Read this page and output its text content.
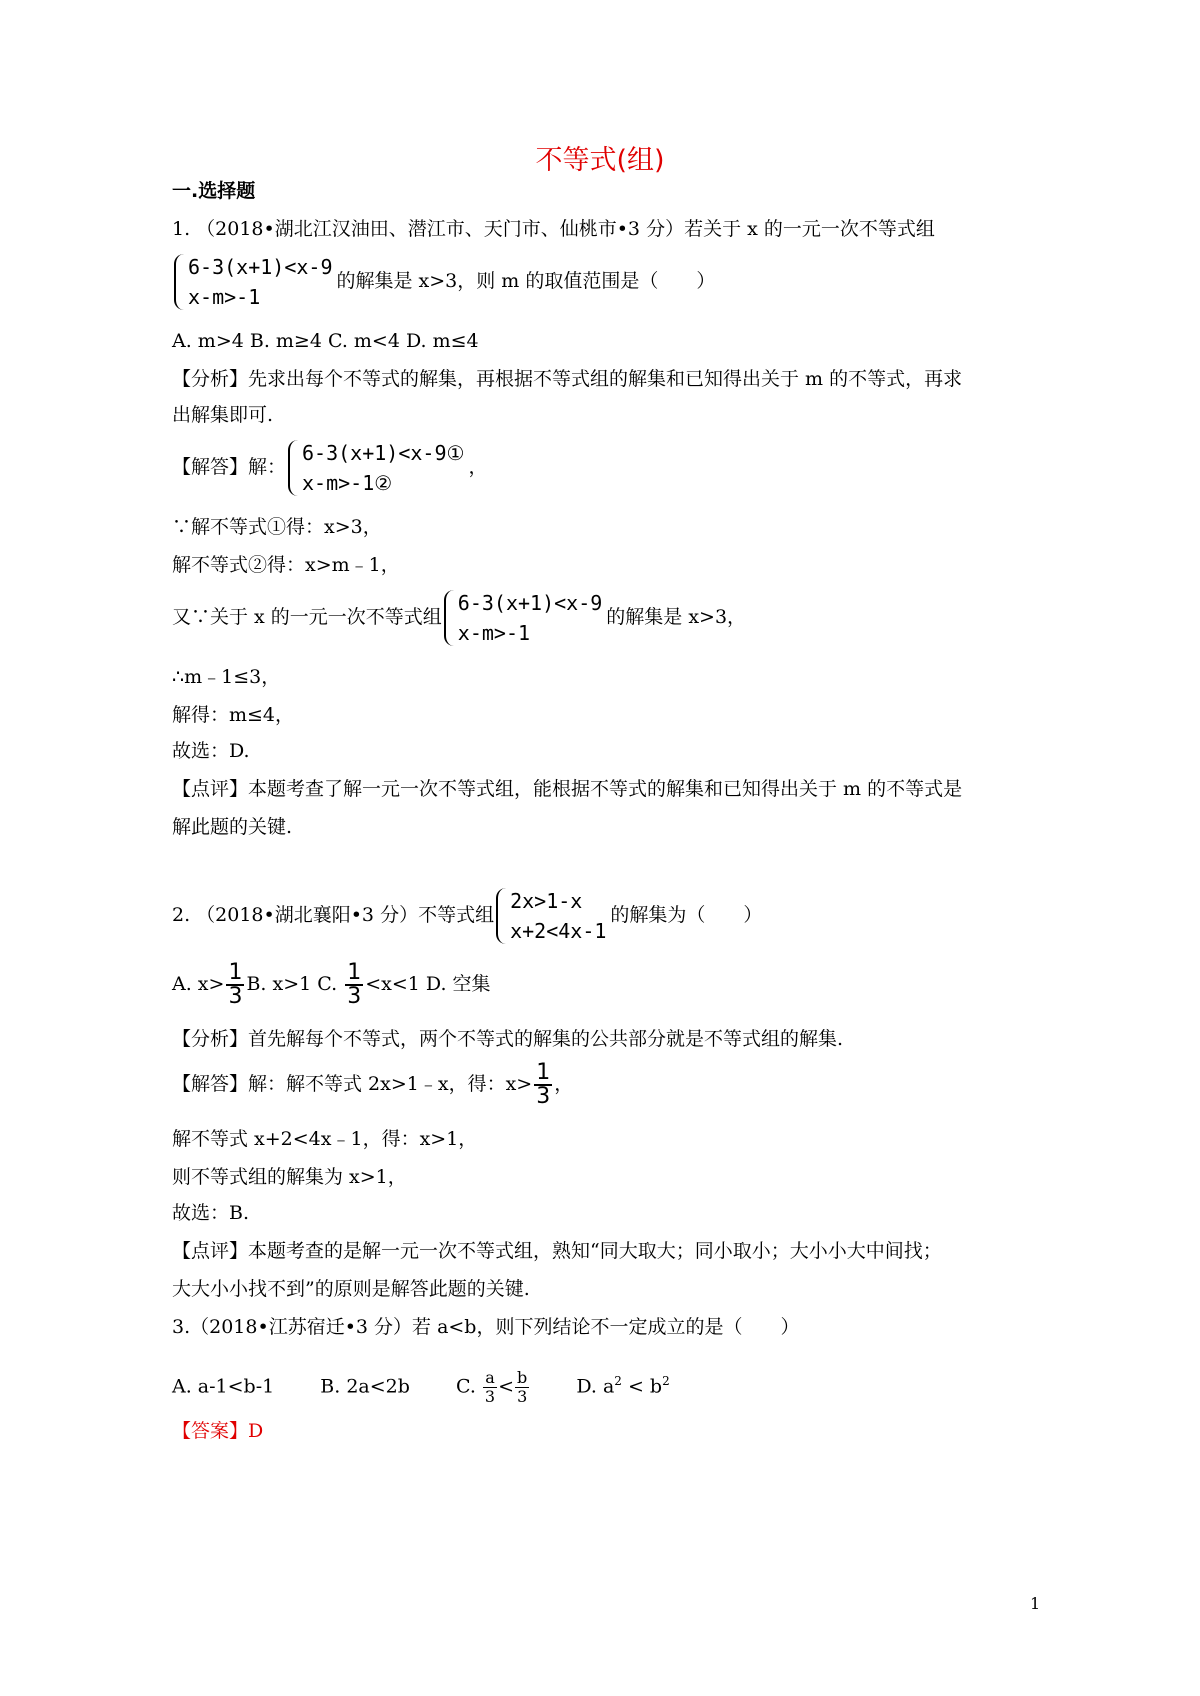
不等式(组)
一.选择题
1. （2018•湖北江汉油田、潜江市、天门市、仙桃市•3 分）若关于 x 的一元一次不等式组
6-3(x+1)<x-9
x-m>-1
的解集是 x>3，则 m 的取值范围是（　　）
A. m>4 B. m≥4 C. m<4 D. m≤4
【分析】先求出每个不等式的解集，再根据不等式组的解集和已知得出关于 m 的不等式，再求
出解集即可.
【解答】解：
6-3(x+1)<x-9①
x-m>-1②
，
∵解不等式①得：x>3，
解不等式②得：x>m﹣1，
又∵关于 x 的一元一次不等式组
6-3(x+1)<x-9
x-m>-1
的解集是 x>3，
∴m﹣1≤3，
解得：m≤4，
故选：D.
【点评】本题考查了解一元一次不等式组，能根据不等式的解集和已知得出关于 m 的不等式是
解此题的关键.
2. （2018•湖北襄阳•3 分）不等式组
2x>1-x
x+2<4x-1
的解集为（　　）
A. $x> \frac{1}{3} B$. x>1 C. $\frac{1}{3} <x<1$ D. 空集
【分析】首先解每个不等式，两个不等式的解集的公共部分就是不等式组的解集.
【解答】解：解不等式 2x>1﹣x，得：$x> \frac{1}{3}$ ，
解不等式 x+2<4x﹣1，得：x>1，
则不等式组的解集为 x>1，
故选：B.
【点评】本题考查的是解一元一次不等式组，熟知“同大取大；同小取小；大小小大中间找；
大大小小找不到”的原则是解答此题的关键.
3.（2018•江苏宿迁•3 分）若 a<b，则下列结论不一定成立的是（　　）
A. a-1<b-1 B. 2a<2b C. $\frac{a}{3} < \frac{b}{3} D$. $a^2 < b^2$
【答案】D
1
